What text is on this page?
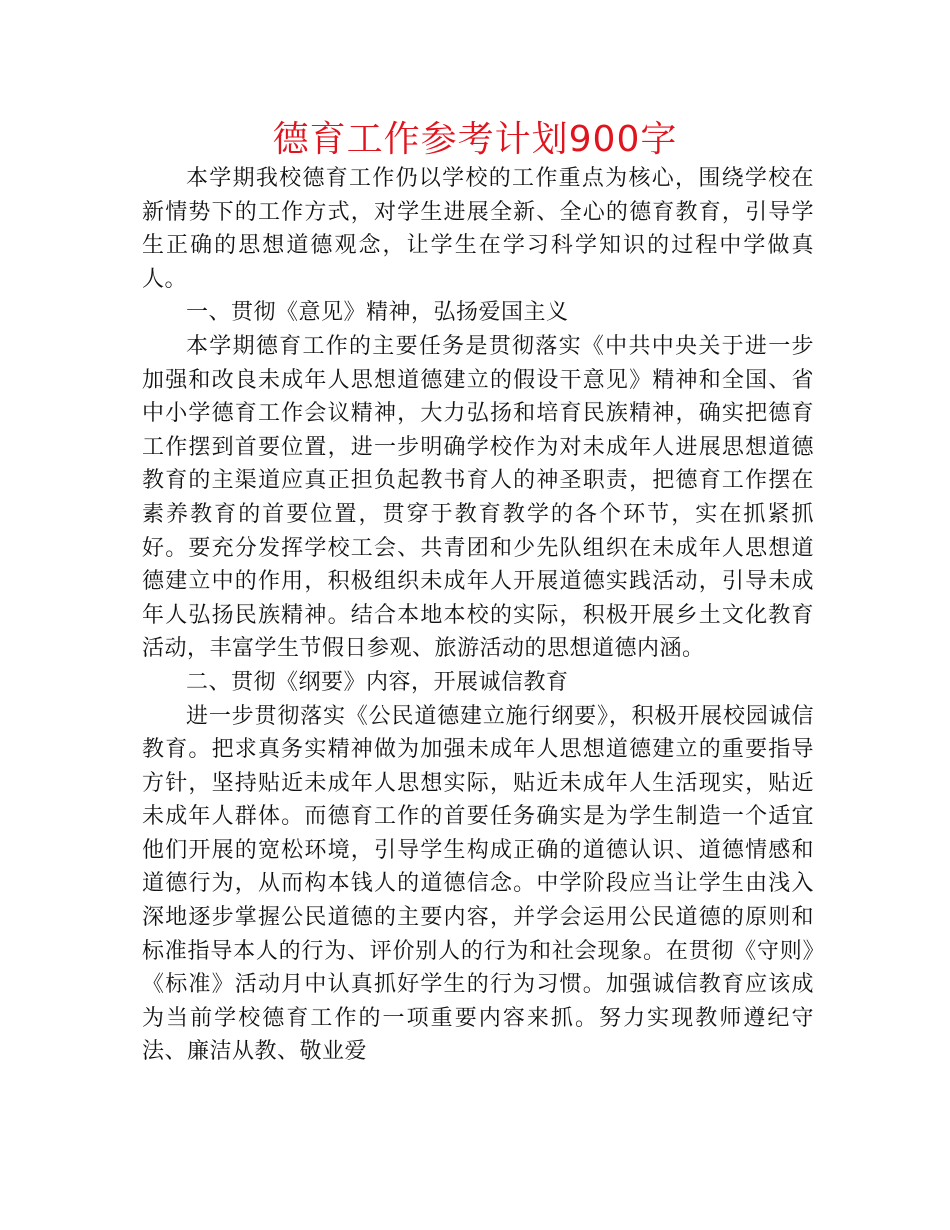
德育工作参考计划900字

本学期我校德育工作仍以学校的工作重点为核心，围绕学校在新情势下的工作方式，对学生进展全新、全心的德育教育，引导学生正确的思想道德观念，让学生在学习科学知识的过程中学做真人。

一、贯彻《意见》精神，弘扬爱国主义

本学期德育工作的主要任务是贯彻落实《中共中央关于进一步加强和改良未成年人思想道德建立的假设干意见》精神和全国、省中小学德育工作会议精神，大力弘扬和培育民族精神，确实把德育工作摆到首要位置，进一步明确学校作为对未成年人进展思想道德教育的主渠道应真正担负起教书育人的神圣职责，把德育工作摆在素养教育的首要位置，贯穿于教育教学的各个环节，实在抓紧抓好。要充分发挥学校工会、共青团和少先队组织在未成年人思想道德建立中的作用，积极组织未成年人开展道德实践活动，引导未成年人弘扬民族精神。结合本地本校的实际，积极开展乡土文化教育活动，丰富学生节假日参观、旅游活动的思想道德内涵。

二、贯彻《纲要》内容，开展诚信教育

进一步贯彻落实《公民道德建立施行纲要》，积极开展校园诚信教育。把求真务实精神做为加强未成年人思想道德建立的重要指导方针，坚持贴近未成年人思想实际，贴近未成年人生活现实，贴近未成年人群体。而德育工作的首要任务确实是为学生制造一个适宜他们开展的宽松环境，引导学生构成正确的道德认识、道德情感和道德行为，从而构本钱人的道德信念。中学阶段应当让学生由浅入深地逐步掌握公民道德的主要内容，并学会运用公民道德的原则和标准指导本人的行为、评价别人的行为和社会现象。在贯彻《守则》《标准》活动月中认真抓好学生的行为习惯。加强诚信教育应该成为当前学校德育工作的一项重要内容来抓。努力实现教师遵纪守法、廉洁从教、敬业爱
